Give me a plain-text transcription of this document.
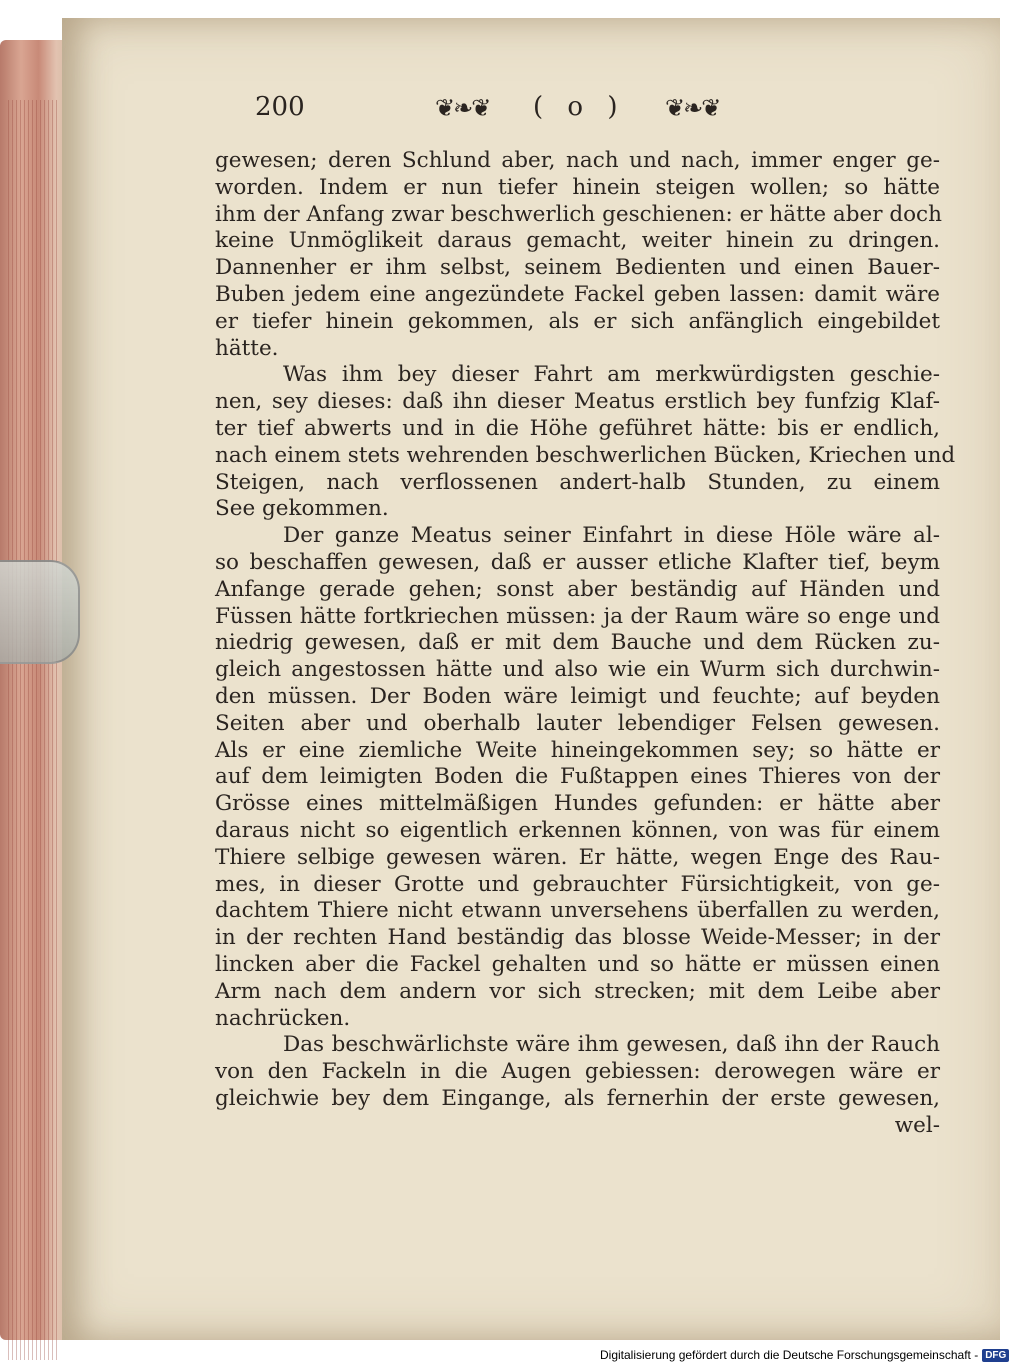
200	❦❧❦ ( o ) ❦❧❦
gewesen; deren Schlund aber, nach und nach, immer enger ge-
worden. Indem er nun tiefer hinein steigen wollen; so hätte
ihm der Anfang zwar beschwerlich geschienen: er hätte aber doch
keine Unmöglikeit daraus gemacht, weiter hinein zu dringen.
Dannenher er ihm selbst, seinem Bedienten und einen Bauer-
Buben jedem eine angezündete Fackel geben lassen: damit wäre
er tiefer hinein gekommen, als er sich anfänglich eingebildet
hätte.
Was ihm bey dieser Fahrt am merkwürdigsten geschie-
nen, sey dieses: daß ihn dieser Meatus erstlich bey funfzig Klaf-
ter tief abwerts und in die Höhe geführet hätte: bis er endlich,
nach einem stets wehrenden beschwerlichen Bücken, Kriechen und
Steigen, nach verflossenen andert-halb Stunden, zu einem
See gekommen.
Der ganze Meatus seiner Einfahrt in diese Höle wäre al-
so beschaffen gewesen, daß er ausser etliche Klafter tief, beym
Anfange gerade gehen; sonst aber beständig auf Händen und
Füssen hätte fortkriechen müssen: ja der Raum wäre so enge und
niedrig gewesen, daß er mit dem Bauche und dem Rücken zu-
gleich angestossen hätte und also wie ein Wurm sich durchwin-
den müssen. Der Boden wäre leimigt und feuchte; auf beyden
Seiten aber und oberhalb lauter lebendiger Felsen gewesen.
Als er eine ziemliche Weite hineingekommen sey; so hätte er
auf dem leimigten Boden die Fußtappen eines Thieres von der
Grösse eines mittelmäßigen Hundes gefunden: er hätte aber
daraus nicht so eigentlich erkennen können, von was für einem
Thiere selbige gewesen wären. Er hätte, wegen Enge des Rau-
mes, in dieser Grotte und gebrauchter Fürsichtigkeit, von ge-
dachtem Thiere nicht etwann unversehens überfallen zu werden,
in der rechten Hand beständig das blosse Weide-Messer; in der
lincken aber die Fackel gehalten und so hätte er müssen einen
Arm nach dem andern vor sich strecken; mit dem Leibe aber
nachrücken.
Das beschwärlichste wäre ihm gewesen, daß ihn der Rauch
von den Fackeln in die Augen gebiessen: derowegen wäre er
gleichwie bey dem Eingange, als fernerhin der erste gewesen,
wel-
Digitalisierung gefördert durch die Deutsche Forschungsgemeinschaft - DFG
